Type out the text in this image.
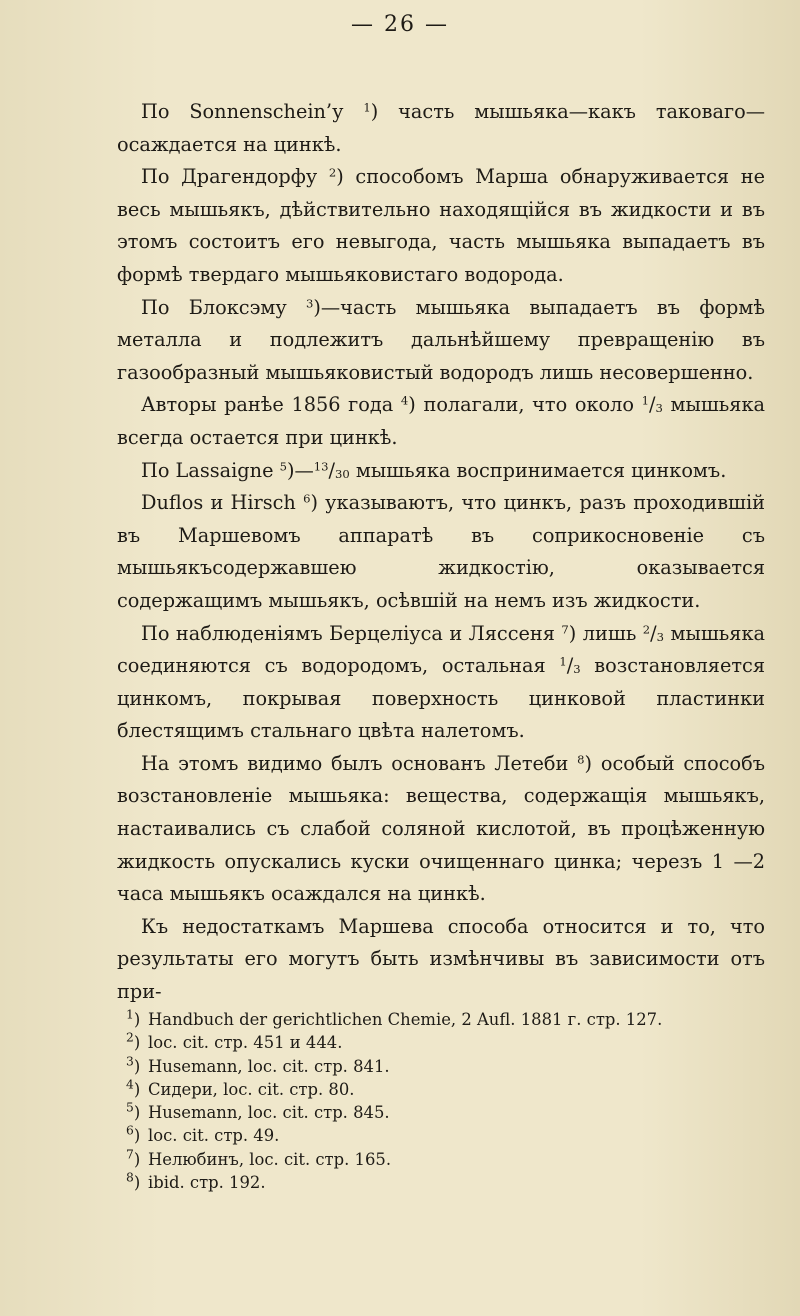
— 26 —

По Sonnenschein’у $^1$) часть мышьяка—какъ таковаго—осаждается на цинкѣ.

По Драгендорфу $^2$) способомъ Марша обнаруживается не весь мышьякъ, дѣйствительно находящійся въ жидкости и въ этомъ состоитъ его невыгода, часть мышьяка выпадаетъ въ формѣ твердаго мышьяковистаго водорода.

По Блоксэму $^3$)—часть мышьяка выпадаетъ въ формѣ металла и подлежитъ дальнѣйшему превращенію въ газообразный мышьяковистый водородъ лишь несовершенно.

Авторы ранѣе 1856 года $^4$) полагали, что около $^1/_3$ мышьяка всегда остается при цинкѣ.

По Lassaigne $^5)—^{13}/_{30}$ мышьяка воспринимается цинкомъ.

Duflos и Hirsch $^6$) указываютъ, что цинкъ, разъ проходившій въ Маршевомъ аппаратѣ въ соприкосновеніе съ мышьякъсодержавшею жидкостію, оказывается содержащимъ мышьякъ, осѣвшій на немъ изъ жидкости.

По наблюденіямъ Берцеліуса и Ляссеня $^7$) лишь $^2/_3$ мышьяка соединяются съ водородомъ, остальная $^1/_3$ возстановляется цинкомъ, покрывая поверхность цинковой пластинки блестящимъ стальнаго цвѣта налетомъ.

На этомъ видимо былъ основанъ Летеби $^8$) особый способъ возстановленіе мышьяка: вещества, содержащія мышьякъ, настаивались съ слабой соляной кислотой, въ процѣженную жидкость опускались куски очищеннаго цинка; черезъ 1 —2 часа мышьякъ осаждался на цинкѣ.

Къ недостаткамъ Маршева способа относится и то, что результаты его могутъ быть измѣнчивы въ зависимости отъ при-

$^1$) Handbuch der gerichtlichen Chemie, 2 Aufl. 1881 г. стр. 127.

$^2$) loc. cit. стр. 451 и 444.

$^3$) Husemann, loc. cit. стр. 841.

$^4$) Сидери, loc. cit. стр. 80.

$^5$) Husemann, loc. cit. стр. 845.

$^6$) loc. cit. стр. 49.

$^7$) Нелюбинъ, loc. cit. стр. 165.

$^8$) ibid. стр. 192.
